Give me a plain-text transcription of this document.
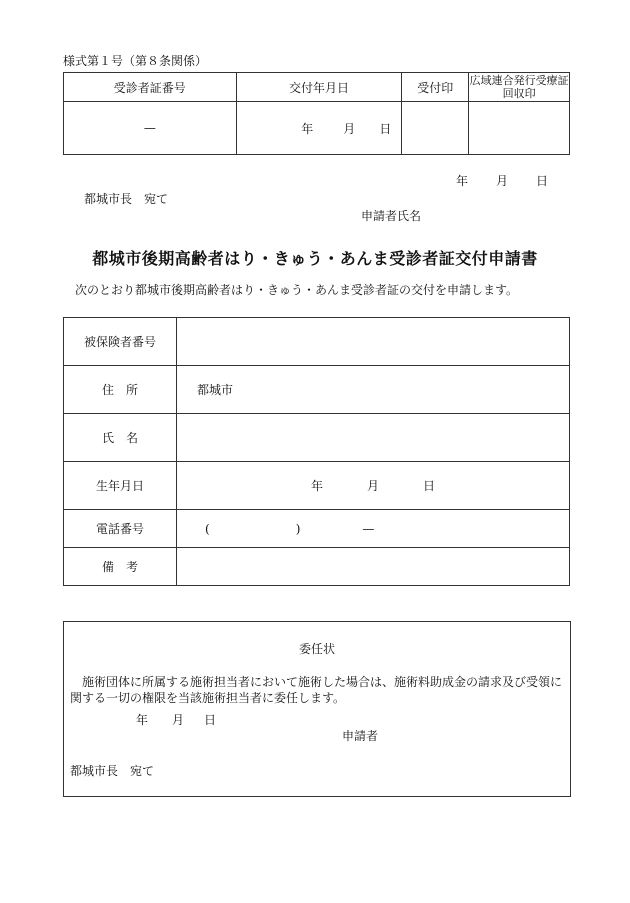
様式第１号（第８条関係）
受診者証番号	交付年月日	受付印	広域連合発行受療証回収印
—	年 月 日		
年 月 日
都城市長　宛て
申請者氏名
都城市後期高齢者はり・きゅう・あんま受診者証交付申請書
次のとおり都城市後期高齢者はり・きゅう・あんま受診者証の交付を申請します。
被保険者番号	
住　所	都城市
氏　名	
生年月日	年 月 日
電話番号	( ) —
備　考	
委任状
施術団体に所属する施術担当者において施術した場合は、施術料助成金の請求及び受領に関する一切の権限を当該施術担当者に委任します。
年 月 日
申請者
都城市長　宛て
